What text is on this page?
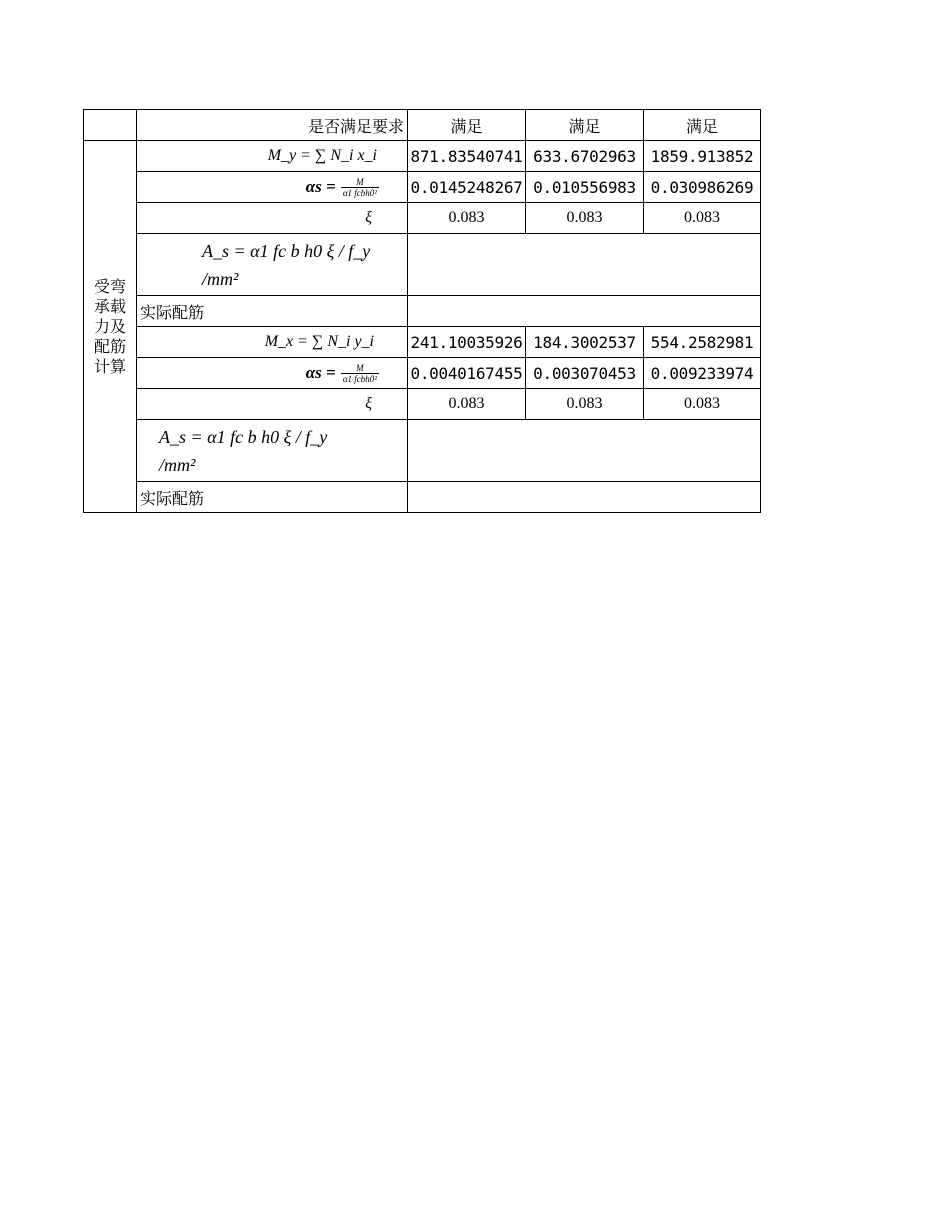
	是否满足要求	满足	满足	满足

受弯
承载
力及
配筋
计算	M_y = ∑ N_i x_i	871.83540741	633.6702963	1859.913852
	$\alpha s = \frac{M}{\text{α1 fcbh0²}}$	0.0145248267	0.010556983	0.030986269
	ξ	0.083	0.083	0.083

	A_s = α1 fc b h0 ξ / f_y
/mm²			

	实际配筋			
	M_x = ∑ N_i y_i	241.10035926	184.3002537	554.2582981
	$\alpha s = \frac{M}{\text{α1 fcbh0²}}$	0.0040167455	0.003070453	0.009233974
	ξ	0.083	0.083	0.083

	A_s = α1 fc b h0 ξ / f_y
/mm²			

	实际配筋			
